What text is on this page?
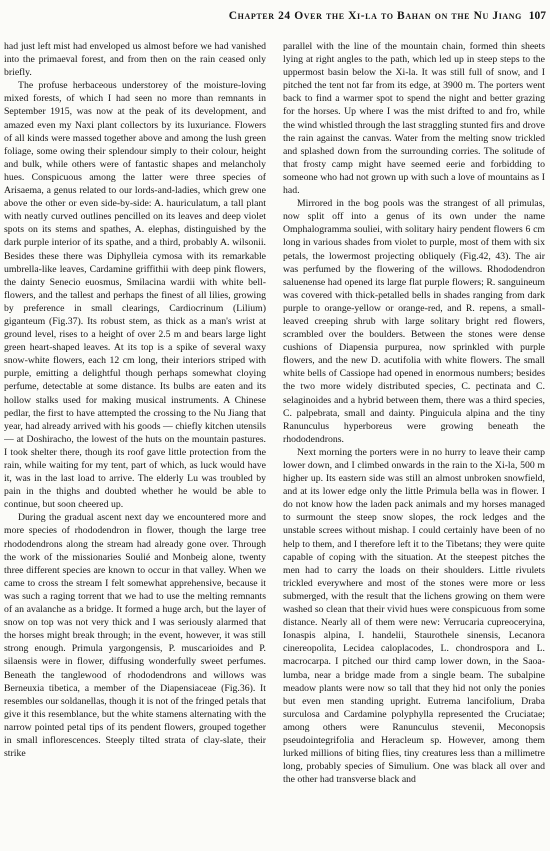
Chapter 24 Over the Xi-la to Bahan on the Nu Jiang 107

had just left mist had enveloped us almost before we had vanished into the primaeval forest, and from then on the rain ceased only briefly.

The profuse herbaceous understorey of the moisture-loving mixed forests, of which I had seen no more than remnants in September 1915, was now at the peak of its development, and amazed even my Naxi plant collectors by its luxuriance. Flowers of all kinds were massed together above and among the lush green foliage, some owing their splendour simply to their colour, height and bulk, while others were of fantastic shapes and melancholy hues. Conspicuous among the latter were three species of Arisaema, a genus related to our lords-and-ladies, which grew one above the other or even side-by-side: A. hauriculatum, a tall plant with neatly curved outlines pencilled on its leaves and deep violet spots on its stems and spathes, A. elephas, distinguished by the dark purple interior of its spathe, and a third, probably A. wilsonii. Besides these there was Diphylleia cymosa with its remarkable umbrella-like leaves, Cardamine griffithii with deep pink flowers, the dainty Senecio euosmus, Smilacina wardii with white bell-flowers, and the tallest and perhaps the finest of all lilies, growing by preference in small clearings, Cardiocrinum (Lilium) giganteum (Fig.37). Its robust stem, as thick as a man's wrist at ground level, rises to a height of over 2.5 m and bears large light green heart-shaped leaves. At its top is a spike of several waxy snow-white flowers, each 12 cm long, their interiors striped with purple, emitting a delightful though perhaps somewhat cloying perfume, detectable at some distance. Its bulbs are eaten and its hollow stalks used for making musical instruments. A Chinese pedlar, the first to have attempted the crossing to the Nu Jiang that year, had already arrived with his goods — chiefly kitchen utensils — at Doshiracho, the lowest of the huts on the mountain pastures. I took shelter there, though its roof gave little protection from the rain, while waiting for my tent, part of which, as luck would have it, was in the last load to arrive. The elderly Lu was troubled by pain in the thighs and doubted whether he would be able to continue, but soon cheered up.

During the gradual ascent next day we encountered more and more species of rhododendron in flower, though the large tree rhododendrons along the stream had already gone over. Through the work of the missionaries Soulié and Monbeig alone, twenty three different species are known to occur in that valley. When we came to cross the stream I felt somewhat apprehensive, because it was such a raging torrent that we had to use the melting remnants of an avalanche as a bridge. It formed a huge arch, but the layer of snow on top was not very thick and I was seriously alarmed that the horses might break through; in the event, however, it was still strong enough. Primula yargongensis, P. muscarioides and P. silaensis were in flower, diffusing wonderfully sweet perfumes. Beneath the tanglewood of rhododendrons and willows was Berneuxia tibetica, a member of the Diapensiaceae (Fig.36). It resembles our soldanellas, though it is not of the fringed petals that give it this resemblance, but the white stamens alternating with the narrow pointed petal tips of its pendent flowers, grouped together in small inflorescences. Steeply tilted strata of clay-slate, their strike

parallel with the line of the mountain chain, formed thin sheets lying at right angles to the path, which led up in steep steps to the uppermost basin below the Xi-la. It was still full of snow, and I pitched the tent not far from its edge, at 3900 m. The porters went back to find a warmer spot to spend the night and better grazing for the horses. Up where I was the mist drifted to and fro, while the wind whistled through the last straggling stunted firs and drove the rain against the canvas. Water from the melting snow trickled and splashed down from the surrounding corries. The solitude of that frosty camp might have seemed eerie and forbidding to someone who had not grown up with such a love of mountains as I had.

Mirrored in the bog pools was the strangest of all primulas, now split off into a genus of its own under the name Omphalogramma souliei, with solitary hairy pendent flowers 6 cm long in various shades from violet to purple, most of them with six petals, the lowermost projecting obliquely (Fig.42, 43). The air was perfumed by the flowering of the willows. Rhododendron saluenense had opened its large flat purple flowers; R. sanguineum was covered with thick-petalled bells in shades ranging from dark purple to orange-yellow or orange-red, and R. repens, a small-leaved creeping shrub with large solitary bright red flowers, scrambled over the boulders. Between the stones were dense cushions of Diapensia purpurea, now sprinkled with purple flowers, and the new D. acutifolia with white flowers. The small white bells of Cassiope had opened in enormous numbers; besides the two more widely distributed species, C. pectinata and C. selaginoides and a hybrid between them, there was a third species, C. palpebrata, small and dainty. Pinguicula alpina and the tiny Ranunculus hyperboreus were growing beneath the rhododendrons.

Next morning the porters were in no hurry to leave their camp lower down, and I climbed onwards in the rain to the Xi-la, 500 m higher up. Its eastern side was still an almost unbroken snowfield, and at its lower edge only the little Primula bella was in flower. I do not know how the laden pack animals and my horses managed to surmount the steep snow slopes, the rock ledges and the unstable screes without mishap. I could certainly have been of no help to them, and I therefore left it to the Tibetans; they were quite capable of coping with the situation. At the steepest pitches the men had to carry the loads on their shoulders. Little rivulets trickled everywhere and most of the stones were more or less submerged, with the result that the lichens growing on them were washed so clean that their vivid hues were conspicuous from some distance. Nearly all of them were new: Verrucaria cupreoceryina, Ionaspis alpina, I. handelii, Staurothele sinensis, Lecanora cinereopolita, Lecidea caloplacodes, L. chondrospora and L. macrocarpa. I pitched our third camp lower down, in the Saoa-lumba, near a bridge made from a single beam. The subalpine meadow plants were now so tall that they hid not only the ponies but even men standing upright. Eutrema lancifolium, Draba surculosa and Cardamine polyphylla represented the Cruciatae; among others were Ranunculus stevenii, Meconopsis pseudointegrifolia and Heracleum sp. However, among them lurked millions of biting flies, tiny creatures less than a millimetre long, probably species of Simulium. One was black all over and the other had transverse black and
